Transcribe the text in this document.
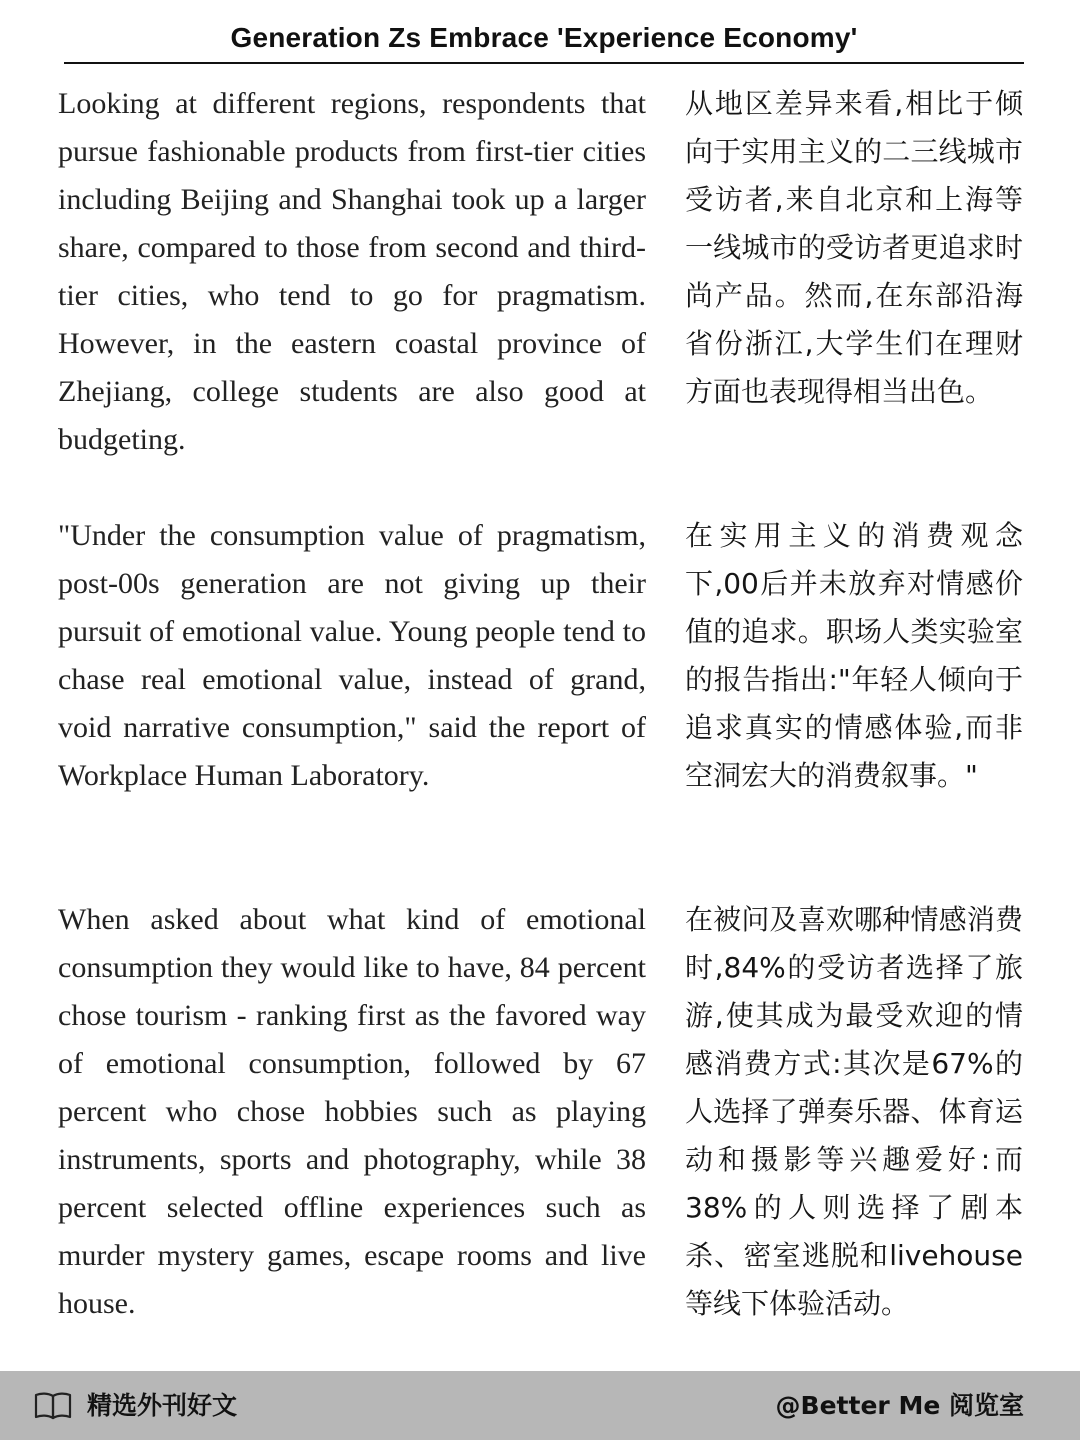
Generation Zs Embrace 'Experience Economy'

Looking at different regions, respondents that pursue fashionable products from first-tier cities including Beijing and Shanghai took up a larger share, compared to those from second and third-tier cities, who tend to go for pragmatism. However, in the eastern coastal province of Zhejiang, college students are also good at budgeting.

从地区差异来看,相比于倾向于实用主义的二三线城市受访者,来自北京和上海等一线城市的受访者更追求时尚产品。然而,在东部沿海省份浙江,大学生们在理财方面也表现得相当出色。

"Under the consumption value of pragmatism, post-00s generation are not giving up their pursuit of emotional value. Young people tend to chase real emotional value, instead of grand, void narrative consumption," said the report of Workplace Human Laboratory.

在实用主义的消费观念下,00后并未放弃对情感价值的追求。职场人类实验室的报告指出:"年轻人倾向于追求真实的情感体验,而非空洞宏大的消费叙事。"

When asked about what kind of emotional consumption they would like to have, 84 percent chose tourism - ranking first as the favored way of emotional consumption, followed by 67 percent who chose hobbies such as playing instruments, sports and photography, while 38 percent selected offline experiences such as murder mystery games, escape rooms and live house.

在被问及喜欢哪种情感消费时,84%的受访者选择了旅游,使其成为最受欢迎的情感消费方式:其次是67%的人选择了弹奏乐器、体育运动和摄影等兴趣爱好:而38%的人则选择了剧本杀、密室逃脱和livehouse等线下体验活动。

精选外刊好文	@Better Me 阅览室
